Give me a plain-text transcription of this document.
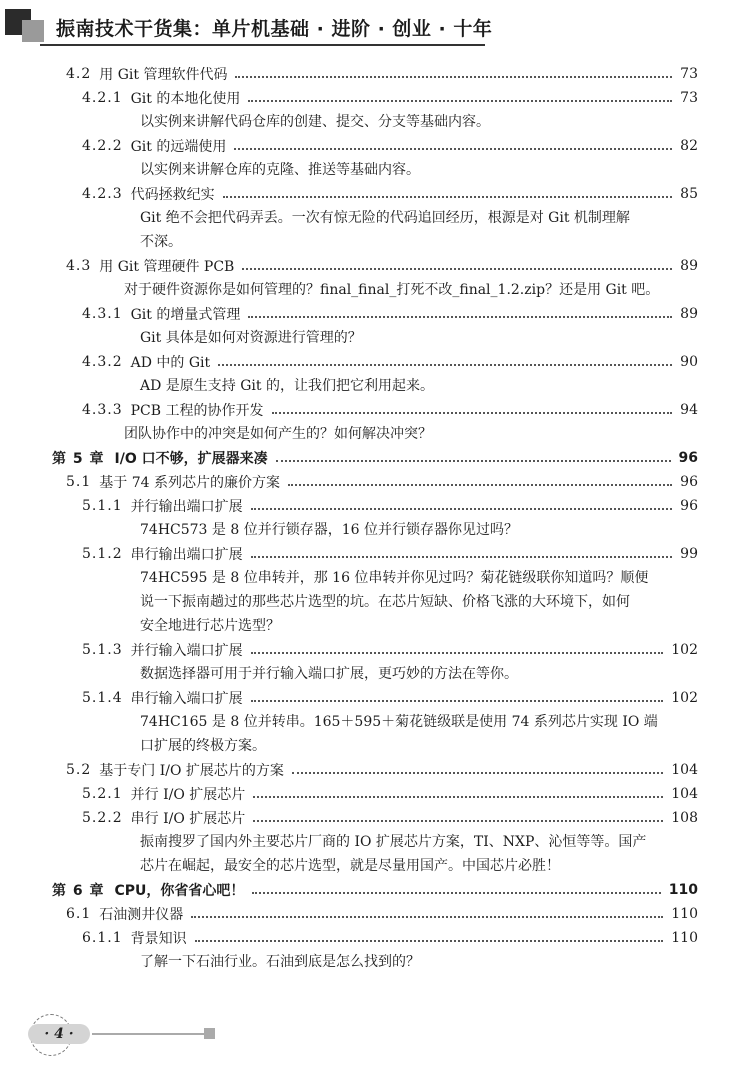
振南技术干货集：单片机基础 · 进阶 · 创业 · 十年
4.2 用 Git 管理软件代码	73
4.2.1 Git 的本地化使用	73
以实例来讲解代码仓库的创建、提交、分支等基础内容。
4.2.2 Git 的远端使用	82
以实例来讲解仓库的克隆、推送等基础内容。
4.2.3 代码拯救纪实	85
Git 绝不会把代码弄丢。一次有惊无险的代码追回经历，根源是对 Git 机制理解
不深。
4.3 用 Git 管理硬件 PCB	89
对于硬件资源你是如何管理的？final_final_打死不改_final_1.2.zip？还是用 Git 吧。
4.3.1 Git 的增量式管理	89
Git 具体是如何对资源进行管理的？
4.3.2 AD 中的 Git	90
AD 是原生支持 Git 的，让我们把它利用起来。
4.3.3 PCB 工程的协作开发	94
团队协作中的冲突是如何产生的？如何解决冲突？
第 5 章 I/O 口不够，扩展器来凑	96
5.1 基于 74 系列芯片的廉价方案	96
5.1.1 并行输出端口扩展	96
74HC573 是 8 位并行锁存器，16 位并行锁存器你见过吗？
5.1.2 串行输出端口扩展	99
74HC595 是 8 位串转并，那 16 位串转并你见过吗？菊花链级联你知道吗？顺便
说一下振南趟过的那些芯片选型的坑。在芯片短缺、价格飞涨的大环境下，如何
安全地进行芯片选型？
5.1.3 并行输入端口扩展	102
数据选择器可用于并行输入端口扩展，更巧妙的方法在等你。
5.1.4 串行输入端口扩展	102
74HC165 是 8 位并转串。165＋595＋菊花链级联是使用 74 系列芯片实现 IO 端
口扩展的终极方案。
5.2 基于专门 I/O 扩展芯片的方案	104
5.2.1 并行 I/O 扩展芯片	104
5.2.2 串行 I/O 扩展芯片	108
振南搜罗了国内外主要芯片厂商的 IO 扩展芯片方案，TI、NXP、沁恒等等。国产
芯片在崛起，最安全的芯片选型，就是尽量用国产。中国芯片必胜！
第 6 章 CPU，你省省心吧！	110
6.1 石油测井仪器	110
6.1.1 背景知识	110
了解一下石油行业。石油到底是怎么找到的？
· 4 ·
